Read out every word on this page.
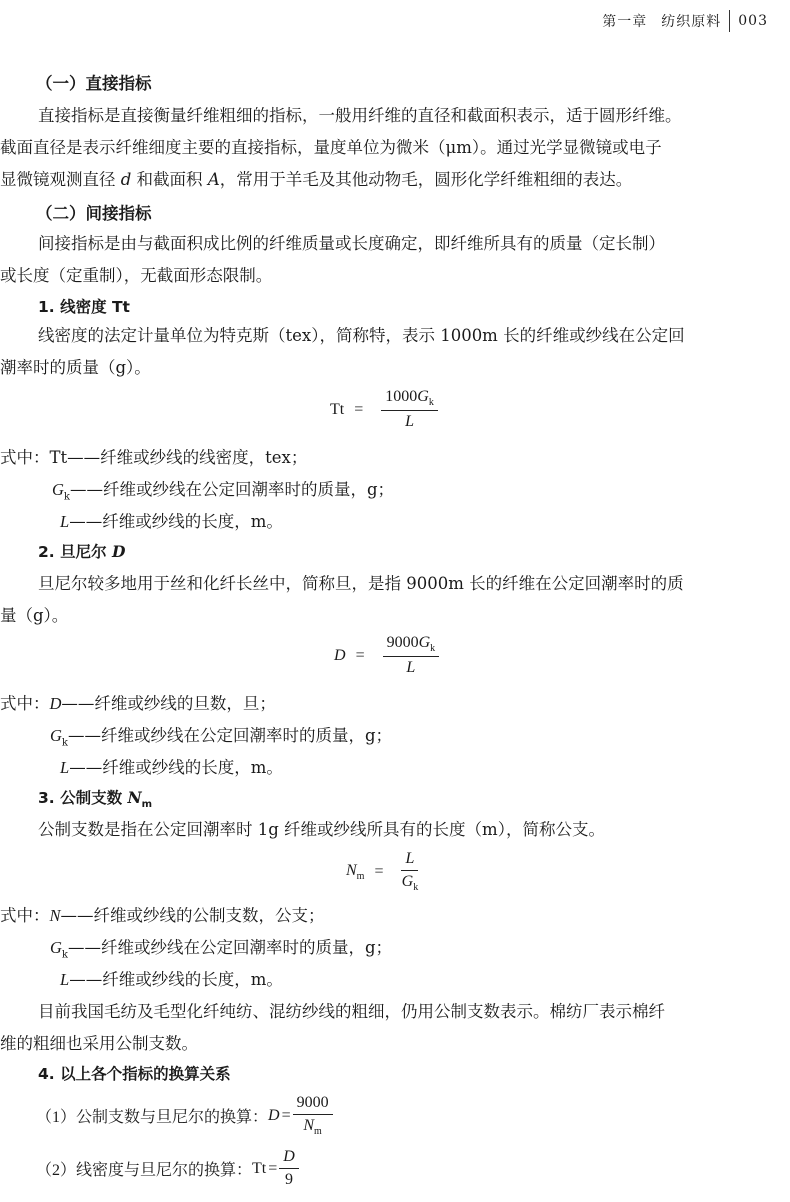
第一章 纺织原料 003
（一）直接指标
直接指标是直接衡量纤维粗细的指标，一般用纤维的直径和截面积表示，适于圆形纤维。
截面直径是表示纤维细度主要的直接指标，量度单位为微米（μm）。通过光学显微镜或电子
显微镜观测直径 d 和截面积 A，常用于羊毛及其他动物毛，圆形化学纤维粗细的表达。
（二）间接指标
间接指标是由与截面积成比例的纤维质量或长度确定，即纤维所具有的质量（定长制）
或长度（定重制），无截面形态限制。
1. 线密度 Tt
线密度的法定计量单位为特克斯（tex），简称特，表示 1000m 长的纤维或纱线在公定回
潮率时的质量（g）。
$Tt = \frac{1000G_k}{L}$
式中：Tt——纤维或纱线的线密度，tex；
$G_k——$纤维或纱线在公定回潮率时的质量，g；
L——纤维或纱线的长度，m。
2. 旦尼尔 D
旦尼尔较多地用于丝和化纤长丝中，简称旦，是指 9000m 长的纤维在公定回潮率时的质
量（g）。
$D = \frac{9000G_k}{L}$
式中：D——纤维或纱线的旦数，旦；
$G_k——$纤维或纱线在公定回潮率时的质量，g；
L——纤维或纱线的长度，m。
3. 公制支数 $N_m$
公制支数是指在公定回潮率时 1g 纤维或纱线所具有的长度（m），简称公支。
$N_m = \frac{L}{G_k}$
式中：N——纤维或纱线的公制支数，公支；
$G_k——$纤维或纱线在公定回潮率时的质量，g；
L——纤维或纱线的长度，m。
目前我国毛纺及毛型化纤纯纺、混纺纱线的粗细，仍用公制支数表示。棉纺厂表示棉纤
维的粗细也采用公制支数。
4. 以上各个指标的换算关系
（1）公制支数与旦尼尔的换算： $D = \frac{9000}{N_m}$
（2）线密度与旦尼尔的换算： $Tt = \frac{D}{9}$
